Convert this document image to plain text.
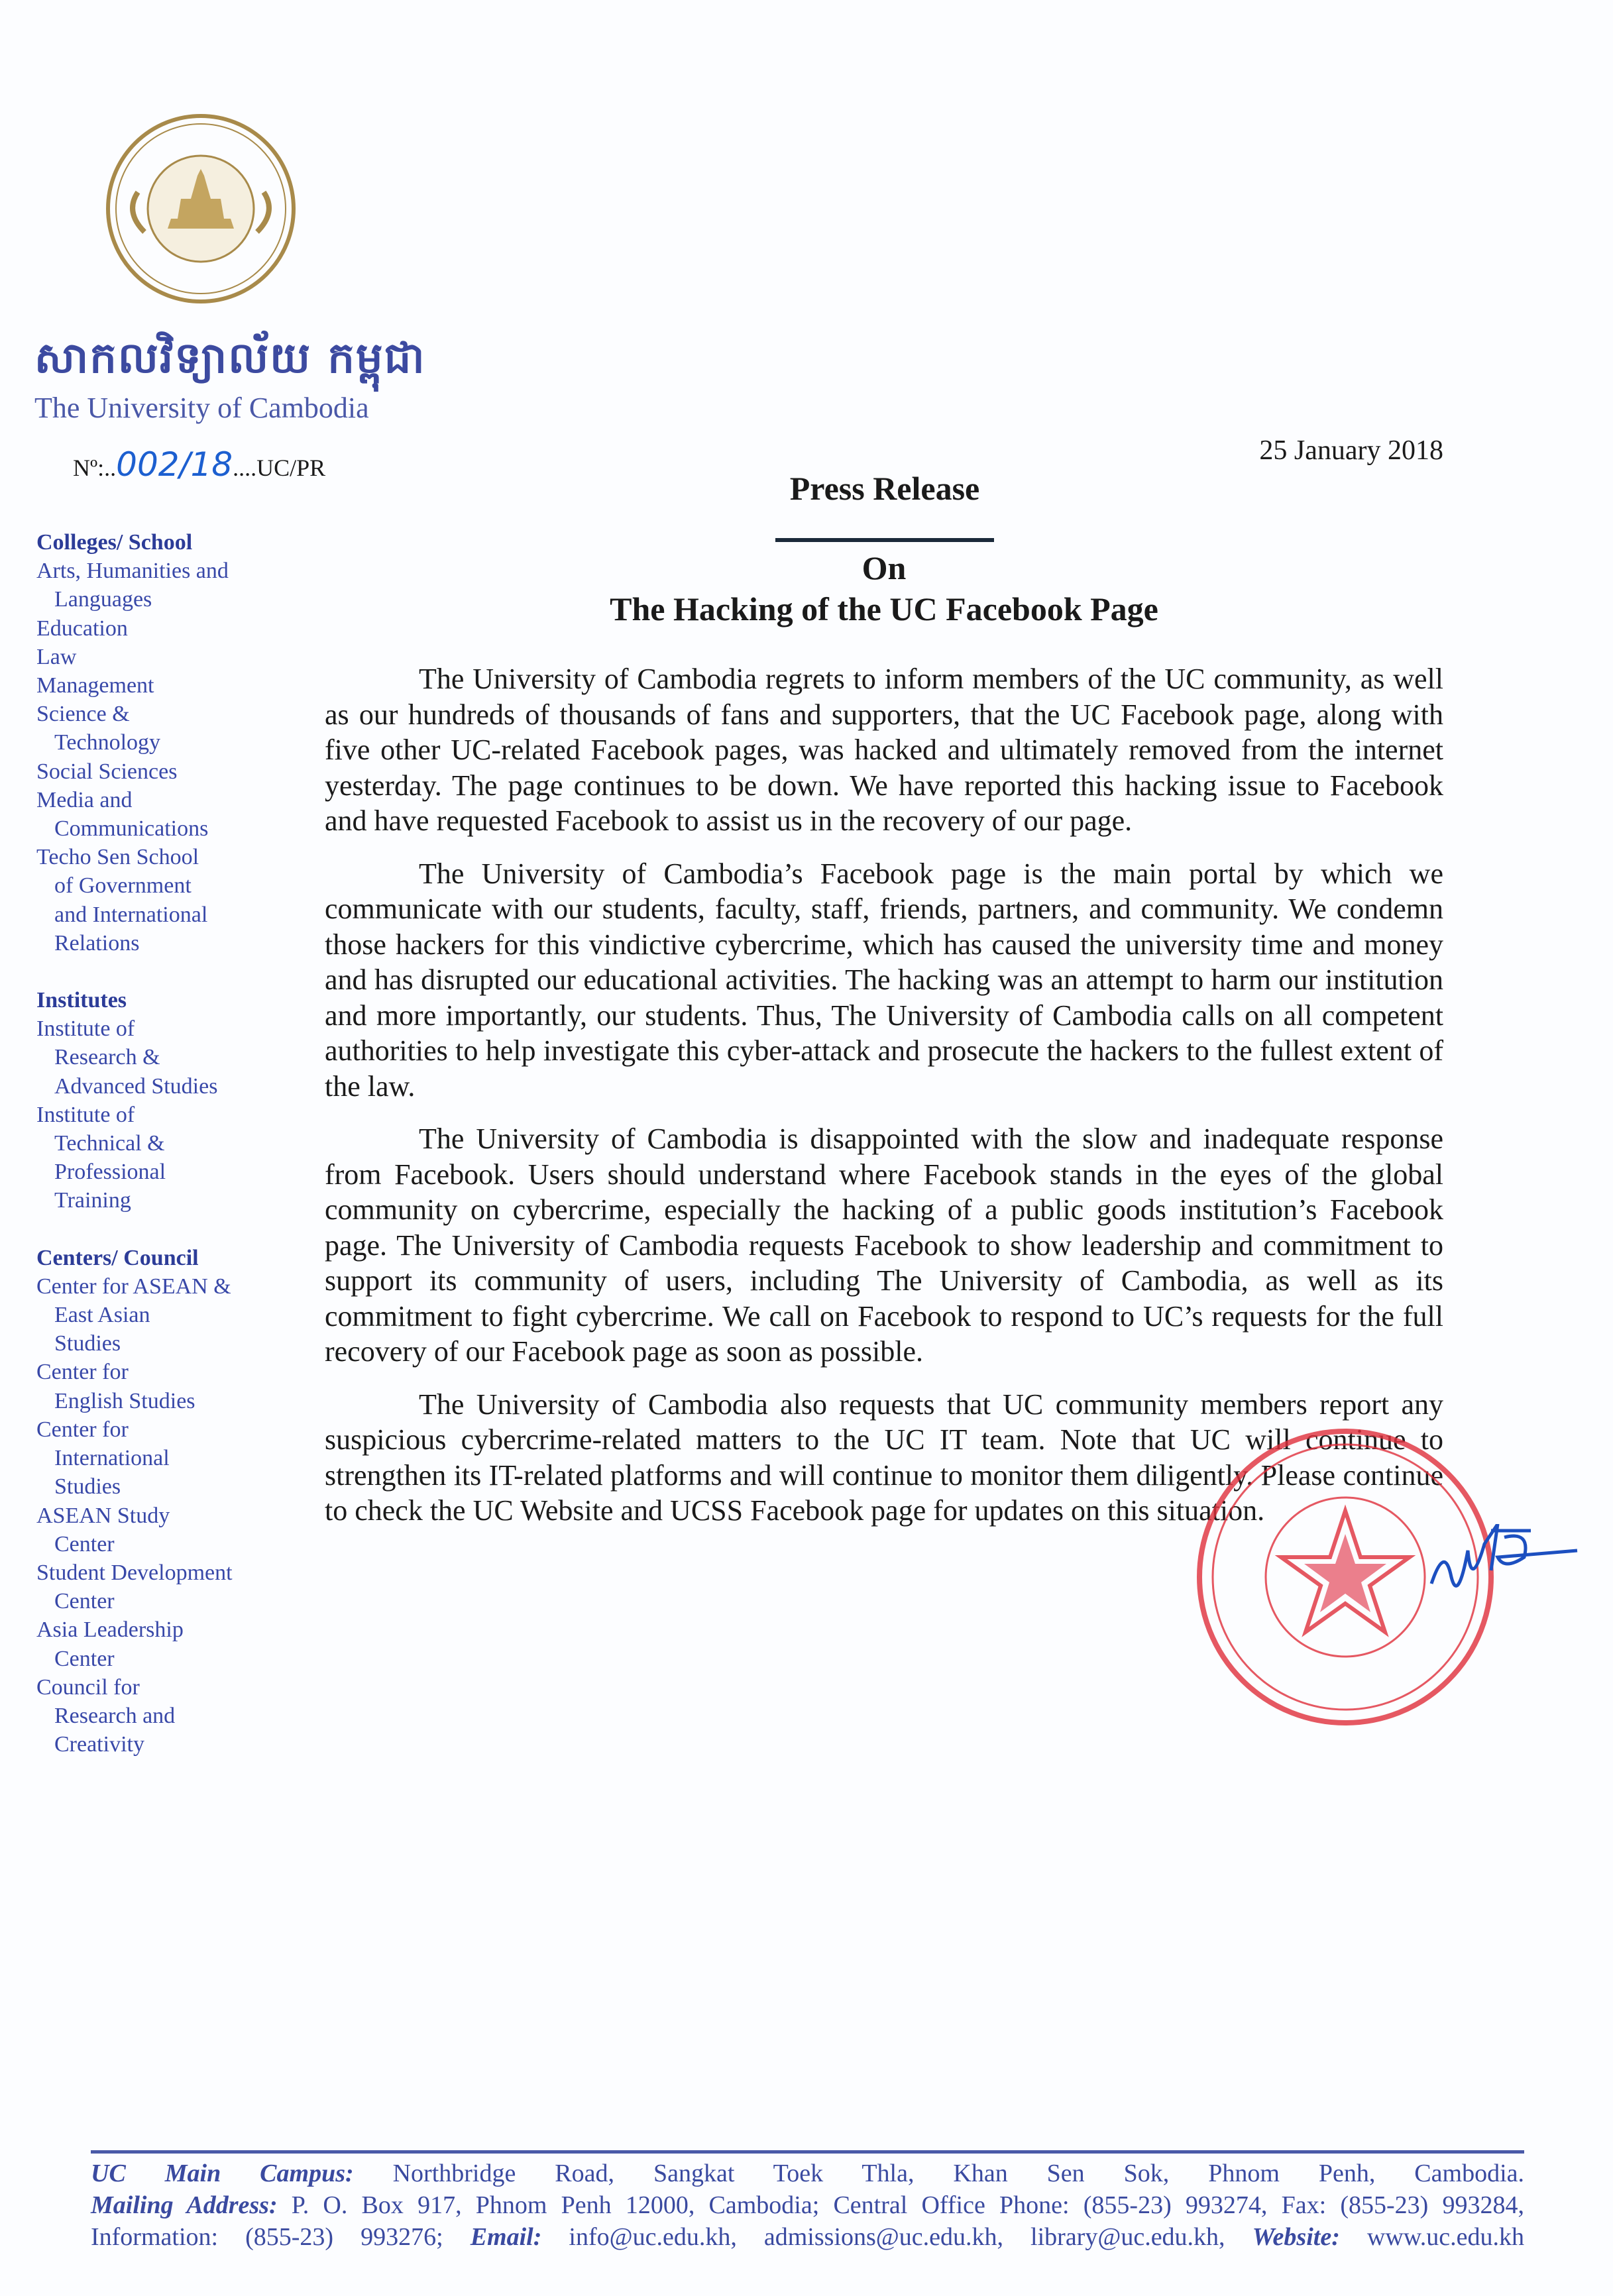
សាកលវិទ្យាល័យ កម្ពុជា
The University of Cambodia
Nº:..002/18....UC/PR
25 January 2018
Press Release
On
The Hacking of the UC Facebook Page
Colleges/ School
Arts, Humanities and
Languages
Education
Law
Management
Science &
Technology
Social Sciences
Media and
Communications
Techo Sen School
of Government
and International
Relations
Institutes
Institute of
Research &
Advanced Studies
Institute of
Technical &
Professional
Training
Centers/ Council
Center for ASEAN &
East Asian
Studies
Center for
English Studies
Center for
International
Studies
ASEAN Study
Center
Student Development
Center
Asia Leadership
Center
Council for
Research and
Creativity

The University of Cambodia regrets to inform members of the UC community, as well as our hundreds of thousands of fans and supporters, that the UC Facebook page, along with five other UC-related Facebook pages, was hacked and ultimately removed from the internet yesterday. The page continues to be down. We have reported this hacking issue to Facebook and have requested Facebook to assist us in the recovery of our page.

The University of Cambodia’s Facebook page is the main portal by which we communicate with our students, faculty, staff, friends, partners, and community. We condemn those hackers for this vindictive cybercrime, which has caused the university time and money and has disrupted our educational activities. The hacking was an attempt to harm our institution and more importantly, our students. Thus, The University of Cambodia calls on all competent authorities to help investigate this cyber-attack and prosecute the hackers to the fullest extent of the law.

The University of Cambodia is disappointed with the slow and inadequate response from Facebook. Users should understand where Facebook stands in the eyes of the global community on cybercrime, especially the hacking of a public goods institution’s Facebook page. The University of Cambodia requests Facebook to show leadership and commitment to support its community of users, including The University of Cambodia, as well as its commitment to fight cybercrime. We call on Facebook to respond to UC’s requests for the full recovery of our Facebook page as soon as possible.

The University of Cambodia also requests that UC community members report any suspicious cybercrime-related matters to the UC IT team. Note that UC will continue to strengthen its IT-related platforms and will continue to monitor them diligently. Please continue to check the UC Website and UCSS Facebook page for updates on this situation.

UC Main Campus: Northbridge Road, Sangkat Toek Thla, Khan Sen Sok, Phnom Penh, Cambodia.
Mailing Address: P. O. Box 917, Phnom Penh 12000, Cambodia; Central Office Phone: (855-23) 993274, Fax: (855-23) 993284,
Information: (855-23) 993276; Email: info@uc.edu.kh, admissions@uc.edu.kh, library@uc.edu.kh, Website: www.uc.edu.kh
